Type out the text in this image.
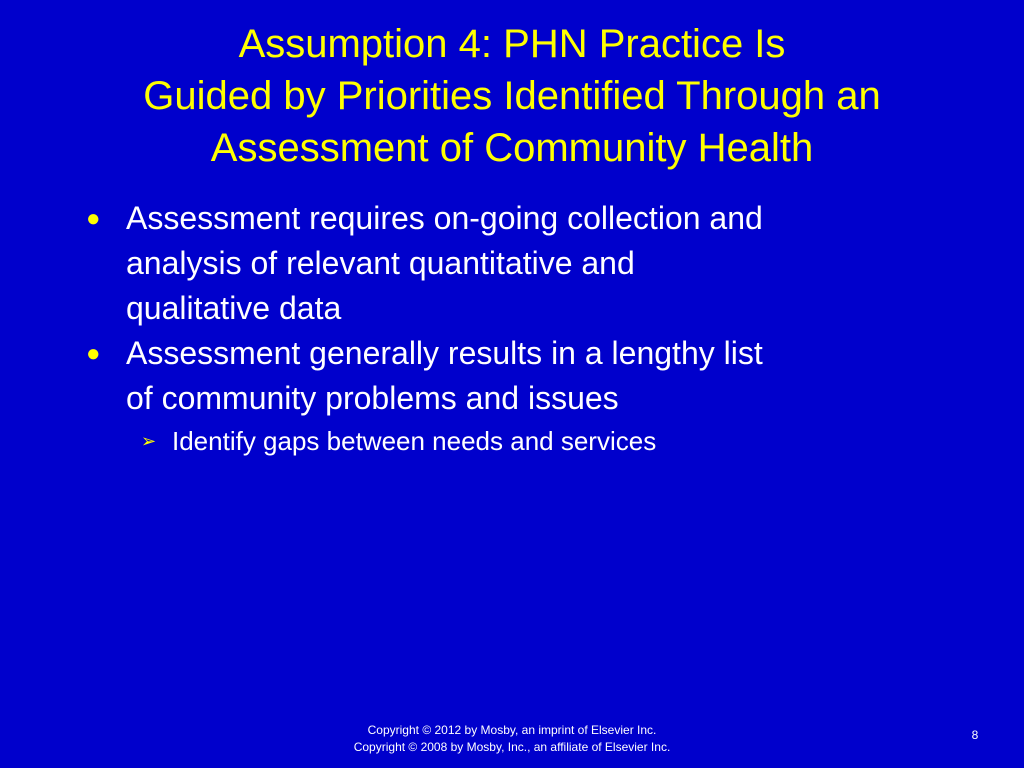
Assumption 4: PHN Practice Is
Guided by Priorities Identified Through an
Assessment of Community Health
● Assessment requires on-going collection and
analysis of relevant quantitative and
qualitative data
● Assessment generally results in a lengthy list
of community problems and issues
➢ Identify gaps between needs and services
Copyright © 2012 by Mosby, an imprint of Elsevier Inc.
Copyright © 2008 by Mosby, Inc., an affiliate of Elsevier Inc.
8
